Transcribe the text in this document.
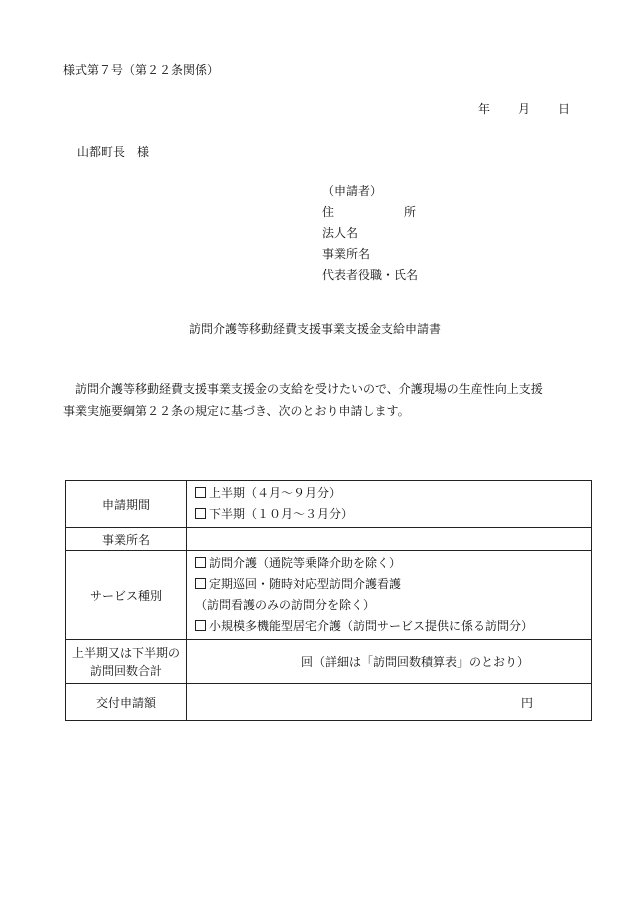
様式第７号（第２２条関係）
年 月 日
山都町長　様
（申請者）
住	所
法人名
事業所名
代表者役職・氏名
訪問介護等移動経費支援事業支援金支給申請書

訪問介護等移動経費支援事業支援金の支給を受けたいので、介護現場の生産性向上支援

事業実施要綱第２２条の規定に基づき、次のとおり申請します。

申請期間	上半期（４月～９月分）
下半期（１０月～３月分）

事業所名	
サービス種別	訪問介護（通院等乗降介助を除く）
定期巡回・随時対応型訪問介護看護
（訪問看護のみの訪問分を除く）
小規模多機能型居宅介護（訪問サービス提供に係る訪問分）

上半期又は下半期の
訪問回数合計	回（詳細は「訪問回数積算表」のとおり）
交付申請額	円
